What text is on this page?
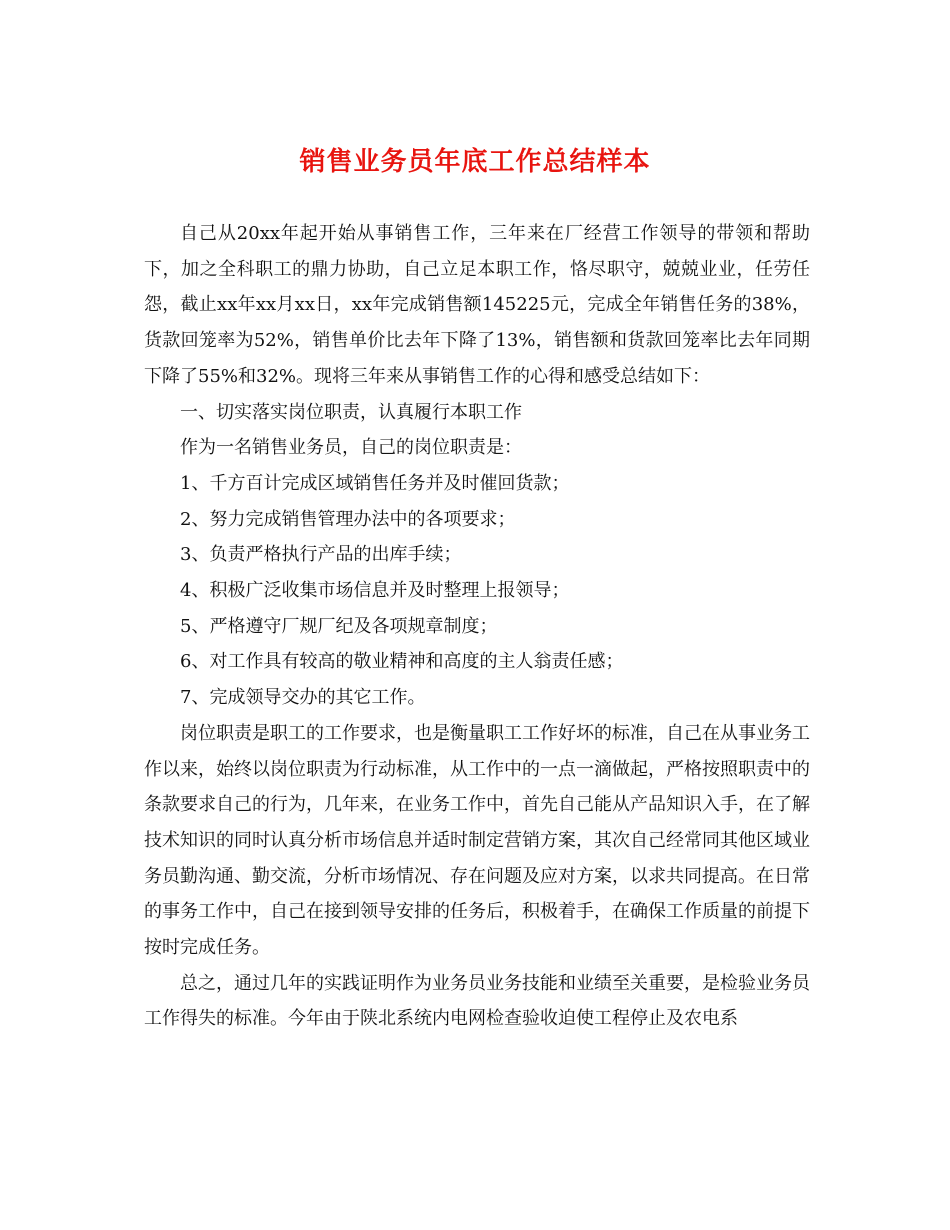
销售业务员年底工作总结样本

自己从20xx年起开始从事销售工作，三年来在厂经营工作领导的带领和帮助下，加之全科职工的鼎力协助，自己立足本职工作，恪尽职守，兢兢业业，任劳任怨，截止xx年xx月xx日，xx年完成销售额145225元，完成全年销售任务的38%，货款回笼率为52%，销售单价比去年下降了13%，销售额和货款回笼率比去年同期下降了55%和32%。现将三年来从事销售工作的心得和感受总结如下：

一、切实落实岗位职责，认真履行本职工作

作为一名销售业务员，自己的岗位职责是：

1、千方百计完成区域销售任务并及时催回货款；

2、努力完成销售管理办法中的各项要求；

3、负责严格执行产品的出库手续；

4、积极广泛收集市场信息并及时整理上报领导；

5、严格遵守厂规厂纪及各项规章制度；

6、对工作具有较高的敬业精神和高度的主人翁责任感；

7、完成领导交办的其它工作。

岗位职责是职工的工作要求，也是衡量职工工作好坏的标准，自己在从事业务工作以来，始终以岗位职责为行动标准，从工作中的一点一滴做起，严格按照职责中的条款要求自己的行为，几年来，在业务工作中，首先自己能从产品知识入手，在了解技术知识的同时认真分析市场信息并适时制定营销方案，其次自己经常同其他区域业务员勤沟通、勤交流，分析市场情况、存在问题及应对方案，以求共同提高。在日常的事务工作中，自己在接到领导安排的任务后，积极着手，在确保工作质量的前提下按时完成任务。

总之，通过几年的实践证明作为业务员业务技能和业绩至关重要，是检验业务员工作得失的标准。今年由于陕北系统内电网检查验收迫使工程停止及农电系
